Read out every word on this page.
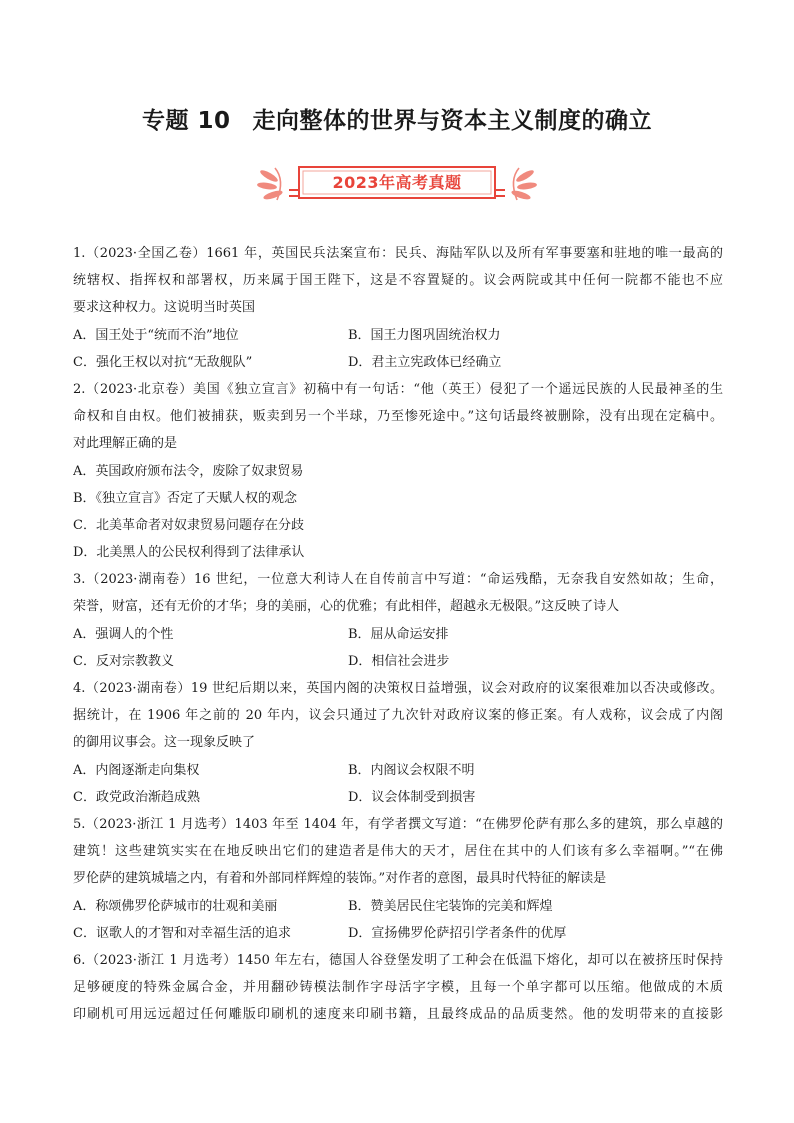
专题 10 走向整体的世界与资本主义制度的确立
2023年高考真题
1.（2023·全国乙卷）1661 年，英国民兵法案宣布：民兵、海陆军队以及所有军事要塞和驻地的唯一最高的
统辖权、指挥权和部署权，历来属于国王陛下，这是不容置疑的。议会两院或其中任何一院都不能也不应
要求这种权力。这说明当时英国
A．国王处于“统而不治”地位	B．国王力图巩固统治权力
C．强化王权以对抗“无敌舰队”	D．君主立宪政体已经确立
2.（2023·北京卷）美国《独立宣言》初稿中有一句话：“他（英王）侵犯了一个遥远民族的人民最神圣的生
命权和自由权。他们被捕获，贩卖到另一个半球，乃至惨死途中。”这句话最终被删除，没有出现在定稿中。
对此理解正确的是
A．英国政府颁布法令，废除了奴隶贸易
B．《独立宣言》否定了天赋人权的观念
C．北美革命者对奴隶贸易问题存在分歧
D．北美黑人的公民权利得到了法律承认
3.（2023·湖南卷）16 世纪，一位意大利诗人在自传前言中写道：“命运残酷，无奈我自安然如故；生命，
荣誉，财富，还有无价的才华；身的美丽，心的优雅；有此相伴，超越永无极限。”这反映了诗人
A．强调人的个性	B．屈从命运安排
C．反对宗教教义	D．相信社会进步
4.（2023·湖南卷）19 世纪后期以来，英国内阁的决策权日益增强，议会对政府的议案很难加以否决或修改。
据统计，在 1906 年之前的 20 年内，议会只通过了九次针对政府议案的修正案。有人戏称，议会成了内阁
的御用议事会。这一现象反映了
A．内阁逐渐走向集权	B．内阁议会权限不明
C．政党政治渐趋成熟	D．议会体制受到损害
5.（2023·浙江 1 月选考）1403 年至 1404 年，有学者撰文写道：“在佛罗伦萨有那么多的建筑，那么卓越的
建筑！这些建筑实实在在地反映出它们的建造者是伟大的天才，居住在其中的人们该有多么幸福啊。”“在佛
罗伦萨的建筑城墙之内，有着和外部同样辉煌的装饰。”对作者的意图，最具时代特征的解读是
A．称颂佛罗伦萨城市的壮观和美丽	B．赞美居民住宅装饰的完美和辉煌
C．讴歌人的才智和对幸福生活的追求	D．宣扬佛罗伦萨招引学者条件的优厚
6.（2023·浙江 1 月选考）1450 年左右，德国人谷登堡发明了工种会在低温下熔化，却可以在被挤压时保持
足够硬度的特殊金属合金，并用翻砂铸模法制作字母活字字模，且每一个单字都可以压缩。他做成的木质
印刷机可用远远超过任何雕版印刷机的速度来印刷书籍，且最终成品的品质斐然。他的发明带来的直接影
